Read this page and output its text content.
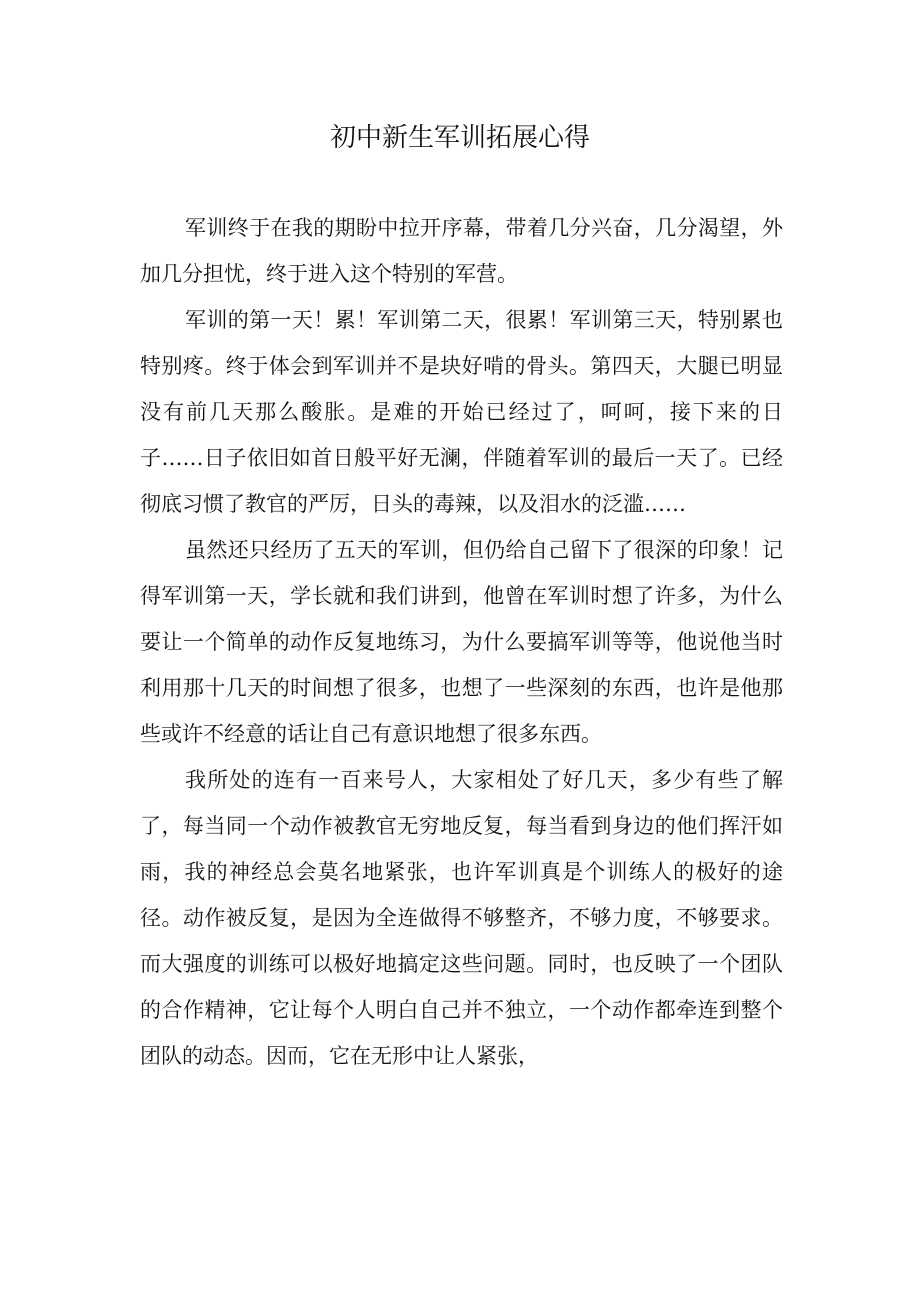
初中新生军训拓展心得

军训终于在我的期盼中拉开序幕，带着几分兴奋，几分渴望，外加几分担忧，终于进入这个特别的军营。

军训的第一天！累！军训第二天，很累！军训第三天，特别累也特别疼。终于体会到军训并不是块好啃的骨头。第四天，大腿已明显没有前几天那么酸胀。是难的开始已经过了，呵呵，接下来的日子……日子依旧如首日般平好无澜，伴随着军训的最后一天了。已经彻底习惯了教官的严厉，日头的毒辣，以及泪水的泛滥……

虽然还只经历了五天的军训，但仍给自己留下了很深的印象！记得军训第一天，学长就和我们讲到，他曾在军训时想了许多，为什么要让一个简单的动作反复地练习，为什么要搞军训等等，他说他当时利用那十几天的时间想了很多，也想了一些深刻的东西，也许是他那些或许不经意的话让自己有意识地想了很多东西。

我所处的连有一百来号人，大家相处了好几天，多少有些了解了，每当同一个动作被教官无穷地反复，每当看到身边的他们挥汗如雨，我的神经总会莫名地紧张，也许军训真是个训练人的极好的途径。动作被反复，是因为全连做得不够整齐，不够力度，不够要求。而大强度的训练可以极好地搞定这些问题。同时，也反映了一个团队的合作精神，它让每个人明白自己并不独立，一个动作都牵连到整个团队的动态。因而，它在无形中让人紧张，
